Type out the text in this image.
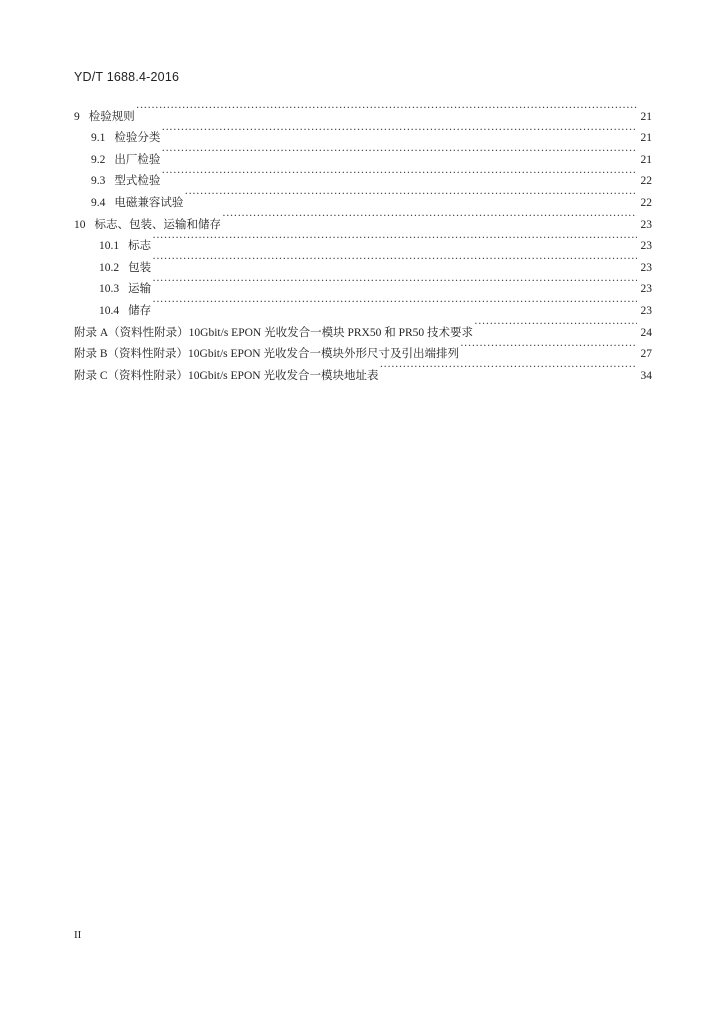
YD/T 1688.4-2016
9 检验规则 ·····	21
9.1 检验分类 ·····	21
9.2 出厂检验 ·····	21
9.3 型式检验 ·····	22
9.4 电磁兼容试验 ·····	22
10 标志、包装、运输和储存 ·····	23
10.1 标志 ·····	23
10.2 包装 ·····	23
10.3 运输 ·····	23
10.4 储存 ·····	23
附录 A（资料性附录）10Gbit/s EPON 光收发合一模块 PRX50 和 PR50 技术要求 ·····	24
附录 B（资料性附录）10Gbit/s EPON 光收发合一模块外形尺寸及引出端排列 ·····	27
附录 C（资料性附录）10Gbit/s EPON 光收发合一模块地址表 ·····	34
II
